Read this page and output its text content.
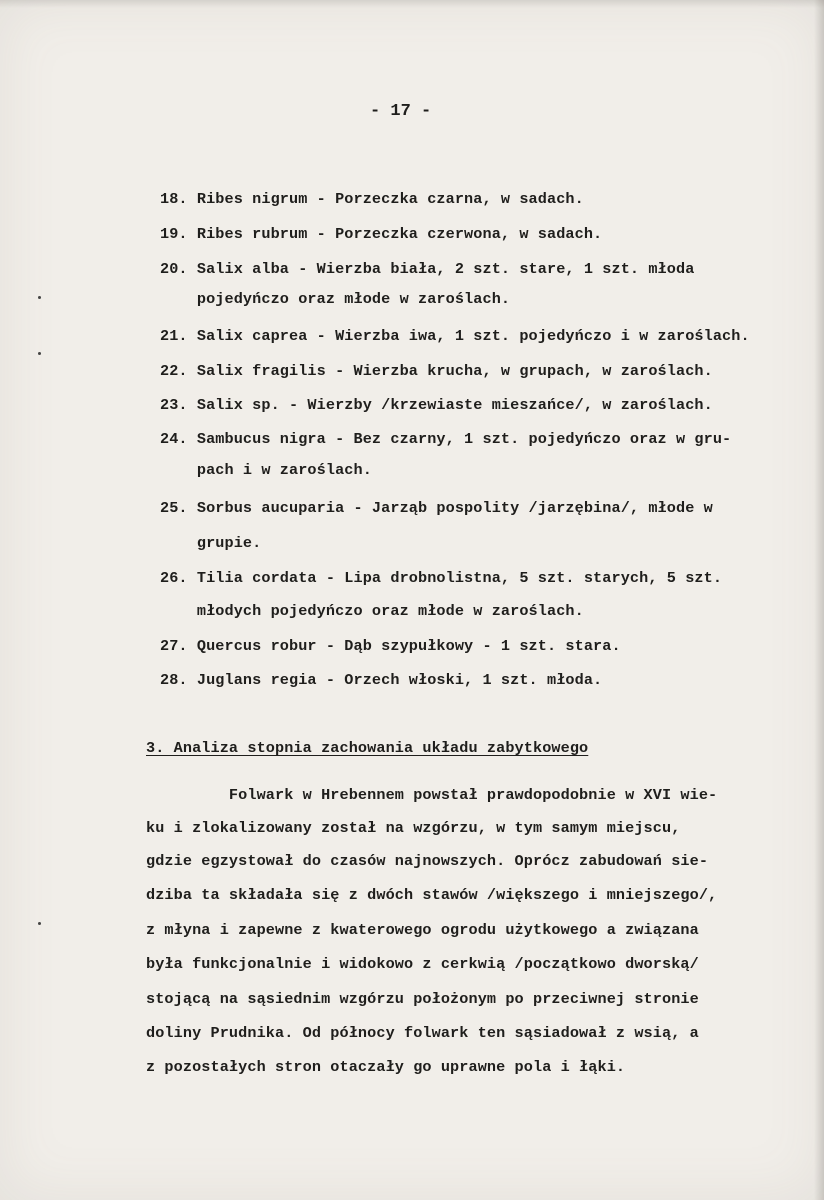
- 17 -
18. Ribes nigrum - Porzeczka czarna, w sadach.
19. Ribes rubrum - Porzeczka czerwona, w sadach.
20. Salix alba - Wierzba biała, 2 szt. stare, 1 szt. młoda
pojedyńczo oraz młode w zaroślach.
21. Salix caprea - Wierzba iwa, 1 szt. pojedyńczo i w zaroślach.
22. Salix fragilis - Wierzba krucha, w grupach, w zaroślach.
23. Salix sp. - Wierzby /krzewiaste mieszańce/, w zaroślach.
24. Sambucus nigra - Bez czarny, 1 szt. pojedyńczo oraz w gru-
pach i w zaroślach.
25. Sorbus aucuparia - Jarząb pospolity /jarzębina/, młode w
grupie.
26. Tilia cordata - Lipa drobnolistna, 5 szt. starych, 5 szt.
młodych pojedyńczo oraz młode w zaroślach.
27. Quercus robur - Dąb szypułkowy - 1 szt. stara.
28. Juglans regia - Orzech włoski, 1 szt. młoda.
3. Analiza stopnia zachowania układu zabytkowego
Folwark w Hrebennem powstał prawdopodobnie w XVI wie-
ku i zlokalizowany został na wzgórzu, w tym samym miejscu,
gdzie egzystował do czasów najnowszych. Oprócz zabudowań sie-
dziba ta składała się z dwóch stawów /większego i mniejszego/,
z młyna i zapewne z kwaterowego ogrodu użytkowego a związana
była funkcjonalnie i widokowo z cerkwią /początkowo dworską/
stojącą na sąsiednim wzgórzu położonym po przeciwnej stronie
doliny Prudnika. Od północy folwark ten sąsiadował z wsią, a
z pozostałych stron otaczały go uprawne pola i łąki.
